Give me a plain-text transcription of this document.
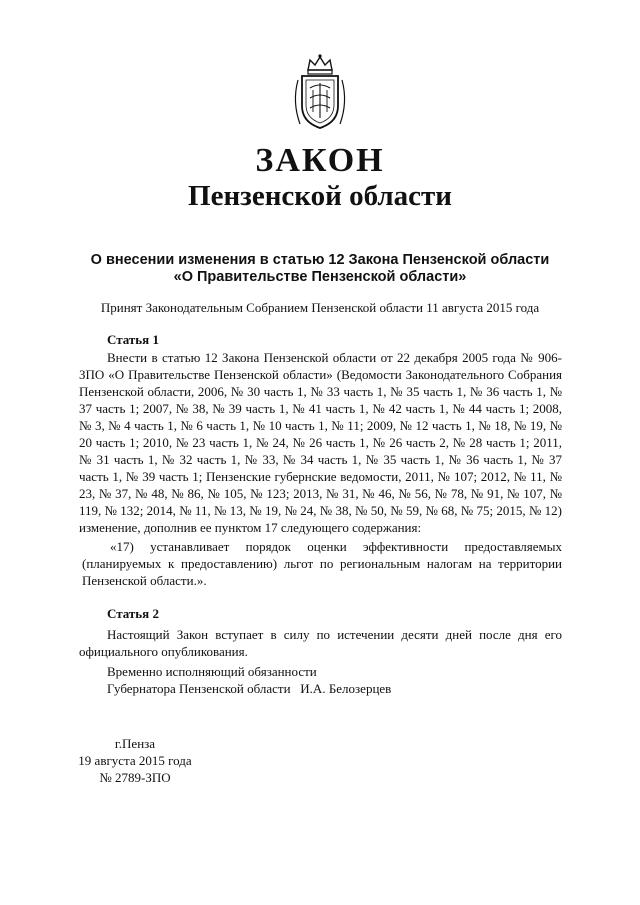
ЗАКОН
Пензенской области
О внесении изменения в статью 12 Закона Пензенской области
«О Правительстве Пензенской области»
Принят Законодательным Собранием Пензенской области 11 августа 2015 года
Статья 1
Внести в статью 12 Закона Пензенской области от 22 декабря 2005 года № 906-ЗПО «О Правительстве Пензенской области» (Ведомости Законодательного Собрания Пензенской области, 2006, № 30 часть 1, № 33 часть 1, № 35 часть 1, № 36 часть 1, № 37 часть 1; 2007, № 38, № 39 часть 1, № 41 часть 1, № 42 часть 1, № 44 часть 1; 2008, № 3, № 4 часть 1, № 6 часть 1, № 10 часть 1, № 11; 2009, № 12 часть 1, № 18, № 19, № 20 часть 1; 2010, № 23 часть 1, № 24, № 26 часть 1, № 26 часть 2, № 28 часть 1; 2011, № 31 часть 1, № 32 часть 1, № 33, № 34 часть 1, № 35 часть 1, № 36 часть 1, № 37 часть 1, № 39 часть 1; Пензенские губернские ведомости, 2011, № 107; 2012, № 11, № 23, № 37, № 48, № 86, № 105, № 123; 2013, № 31, № 46, № 56, № 78, № 91, № 107, № 119, № 132; 2014, № 11, № 13, № 19, № 24, № 38, № 50, № 59, № 68, № 75; 2015, № 12) изменение, дополнив ее пунктом 17 следующего содержания:
«17) устанавливает порядок оценки эффективности предоставляемых (планируемых к предоставлению) льгот по региональным налогам на территории Пензенской области.».
Статья 2
Настоящий Закон вступает в силу по истечении десяти дней после дня его официального опубликования.
Временно исполняющий обязанности
Губернатора Пензенской области   И.А. Белозерцев
г.Пенза
19 августа 2015 года
№ 2789-ЗПО
